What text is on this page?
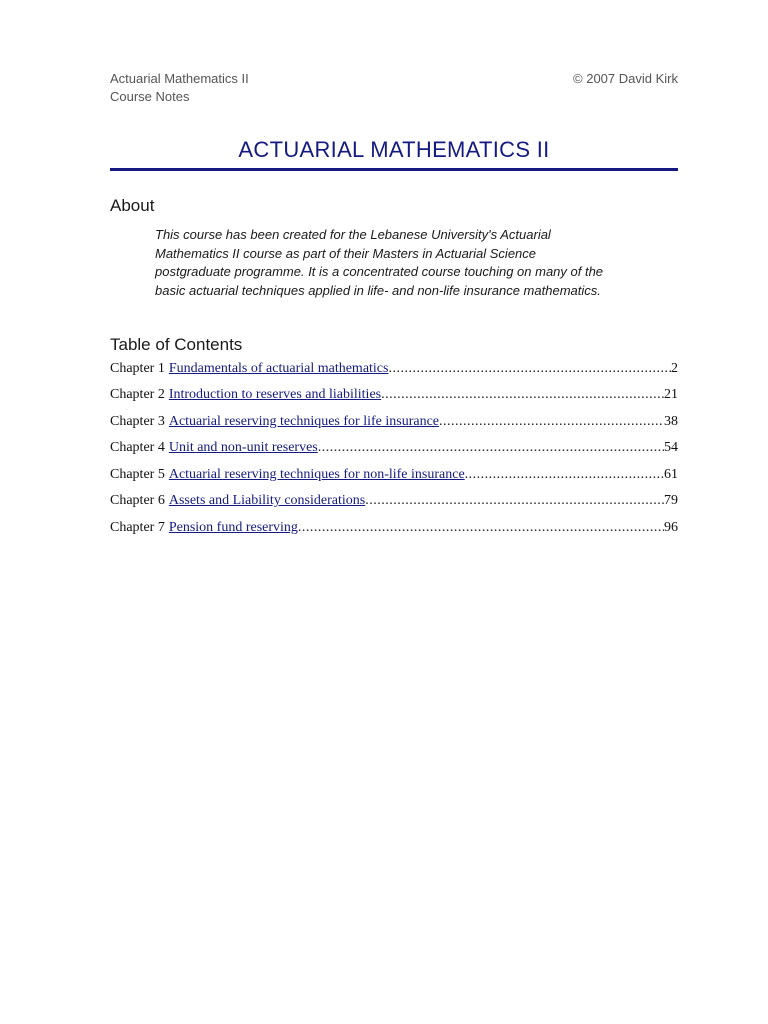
Actuarial Mathematics II
Course Notes
© 2007 David Kirk
ACTUARIAL MATHEMATICS II
About
This course has been created for the Lebanese University's Actuarial Mathematics II course as part of their Masters in Actuarial Science postgraduate programme. It is a concentrated course touching on many of the basic actuarial techniques applied in life- and non-life insurance mathematics.
Table of Contents
Chapter 1 Fundamentals of actuarial mathematics .....	2
Chapter 2 Introduction to reserves and liabilities .....	21
Chapter 3 Actuarial reserving techniques for life insurance .....	38
Chapter 4 Unit and non-unit reserves .....	54
Chapter 5 Actuarial reserving techniques for non-life insurance .....	61
Chapter 6 Assets and Liability considerations .....	79
Chapter 7 Pension fund reserving .....	96
